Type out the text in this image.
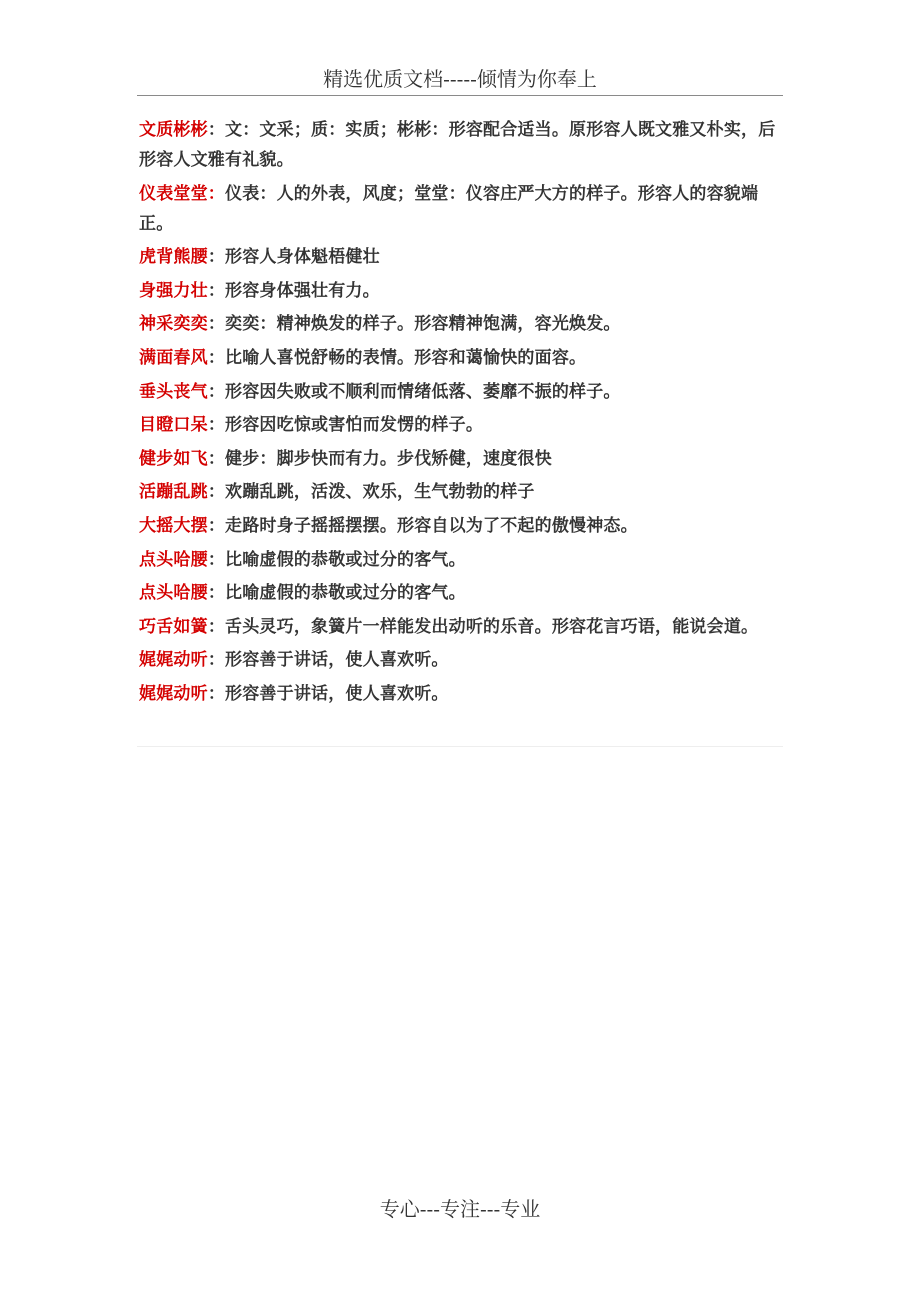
精选优质文档-----倾情为你奉上
文质彬彬：文：文采；质：实质；彬彬：形容配合适当。原形容人既文雅又朴实，后形容人文雅有礼貌。
仪表堂堂：仪表：人的外表，风度；堂堂：仪容庄严大方的样子。形容人的容貌端正。
虎背熊腰：形容人身体魁梧健壮
身强力壮：形容身体强壮有力。
神采奕奕：奕奕：精神焕发的样子。形容精神饱满，容光焕发。
满面春风：比喻人喜悦舒畅的表情。形容和蔼愉快的面容。
垂头丧气：形容因失败或不顺利而情绪低落、萎靡不振的样子。
目瞪口呆：形容因吃惊或害怕而发愣的样子。
健步如飞：健步：脚步快而有力。步伐矫健，速度很快
活蹦乱跳：欢蹦乱跳，活泼、欢乐，生气勃勃的样子
大摇大摆：走路时身子摇摇摆摆。形容自以为了不起的傲慢神态。
点头哈腰：比喻虚假的恭敬或过分的客气。
点头哈腰：比喻虚假的恭敬或过分的客气。
巧舌如簧：舌头灵巧，象簧片一样能发出动听的乐音。形容花言巧语，能说会道。
娓娓动听：形容善于讲话，使人喜欢听。
娓娓动听：形容善于讲话，使人喜欢听。
专心---专注---专业
